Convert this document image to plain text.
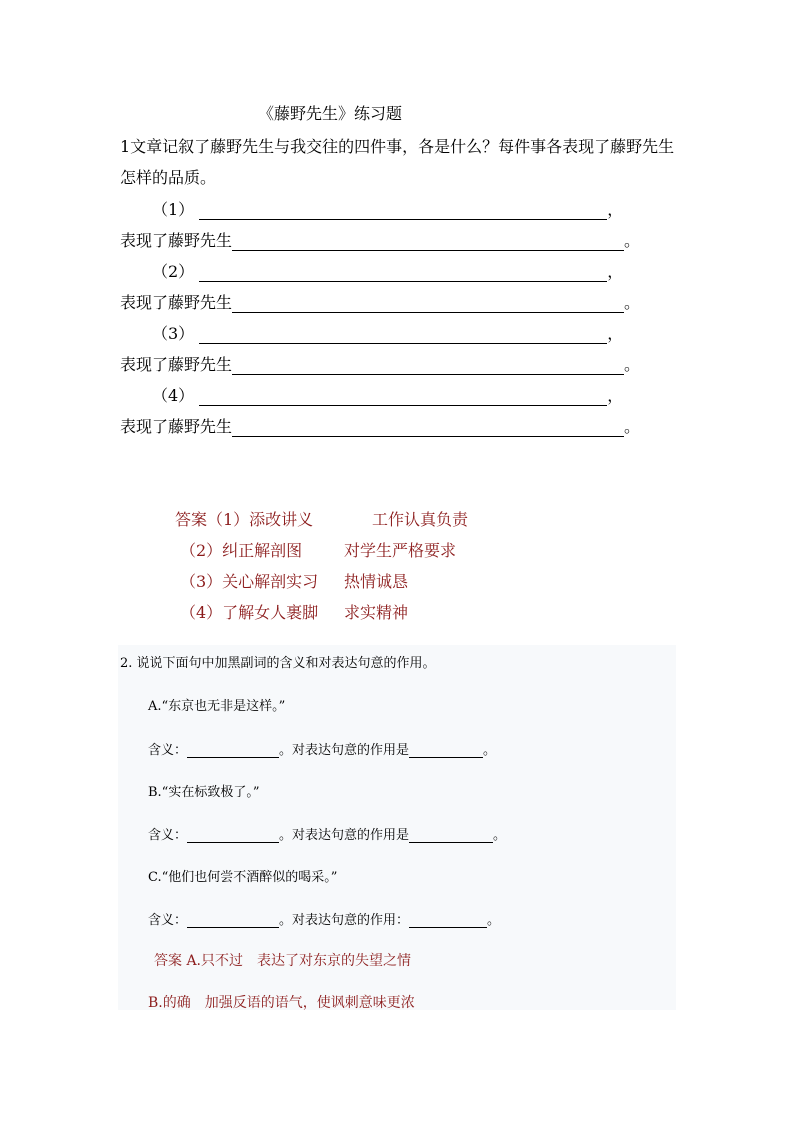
《藤野先生》练习题
1文章记叙了藤野先生与我交往的四件事，各是什么？每件事各表现了藤野先生
怎样的品质。
（1）	，
表现了藤野先生	。
（2）	，
表现了藤野先生	。
（3）	，
表现了藤野先生	。
（4）	，
表现了藤野先生	。
答案（1）添改讲义	工作认真负责
（2）纠正解剖图	对学生严格要求
（3）关心解剖实习 热情诚恳
（4）了解女人裹脚 求实精神
2. 说说下面句中加黑副词的含义和对表达句意的作用。
A.“东京也无非是这样。”
含义：	。对表达句意的作用是	。
B.“实在标致极了。”
含义：	。对表达句意的作用是	。
C.“他们也何尝不酒醉似的喝采。”
含义：	。对表达句意的作用：	。
答案 A.只不过　表达了对东京的失望之情
B.的确　加强反语的语气，使讽刺意味更浓
